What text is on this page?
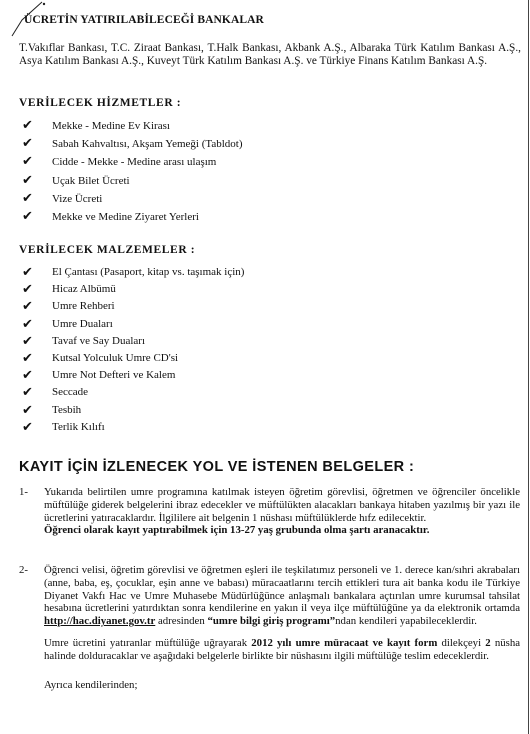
ÜCRETİN YATIRILABİLECEĞİ BANKALAR
T.Vakıflar Bankası, T.C. Ziraat Bankası, T.Halk Bankası, Akbank A.Ş., Albaraka Türk Katılım Bankası A.Ş., Asya Katılım Bankası A.Ş., Kuveyt Türk Katılım Bankası A.Ş. ve Türkiye Finans Katılım Bankası A.Ş.
VERİLECEK HİZMETLER :
✔ Mekke - Medine Ev Kirası
✔ Sabah Kahvaltısı, Akşam Yemeği (Tabldot)
✔ Cidde - Mekke - Medine arası ulaşım
✔ Uçak Bilet Ücreti
✔ Vize Ücreti
✔ Mekke ve Medine Ziyaret Yerleri
VERİLECEK MALZEMELER :
✔ El Çantası (Pasaport, kitap vs. taşımak için)
✔ Hicaz Albümü
✔ Umre Rehberi
✔ Umre Duaları
✔ Tavaf ve Say Duaları
✔ Kutsal Yolculuk Umre CD'si
✔ Umre Not Defteri ve Kalem
✔ Seccade
✔ Tesbih
✔ Terlik Kılıfı
KAYIT İÇİN İZLENECEK YOL VE İSTENEN BELGELER :
1- Yukarıda belirtilen umre programına katılmak isteyen öğretim görevlisi, öğretmen ve öğrenciler öncelikle müftülüğe giderek belgelerini ibraz edecekler ve müftülükten alacakları bankaya hitaben yazılmış bir yazı ile ücretlerini yatıracaklardır. İlgililere ait belgenin 1 nüshası müftülüklerde hıfz edilecektir.
Öğrenci olarak kayıt yaptırabilmek için 13-27 yaş grubunda olma şartı aranacaktır.
2- Öğrenci velisi, öğretim görevlisi ve öğretmen eşleri ile teşkilatımız personeli ve 1. derece kan/sıhri akrabaları (anne, baba, eş, çocuklar, eşin anne ve babası) müracaatlarını tercih ettikleri tura ait banka kodu ile Türkiye Diyanet Vakfı Hac ve Umre Muhasebe Müdürlüğünce anlaşmalı bankalara açtırılan umre kurumsal tahsilat hesabına ücretlerini yatırdıktan sonra kendilerine en yakın il veya ilçe müftülüğüne ya da elektronik ortamda http://hac.diyanet.gov.tr adresinden “umre bilgi giriş programı”ndan kendileri yapabileceklerdir.
Umre ücretini yatıranlar müftülüğe uğrayarak 2012 yılı umre müracaat ve kayıt form dilekçeyi 2 nüsha halinde dolduracaklar ve aşağıdaki belgelerle birlikte bir nüshasını ilgili müftülüğe teslim edeceklerdir.
Ayrıca kendilerinden;
